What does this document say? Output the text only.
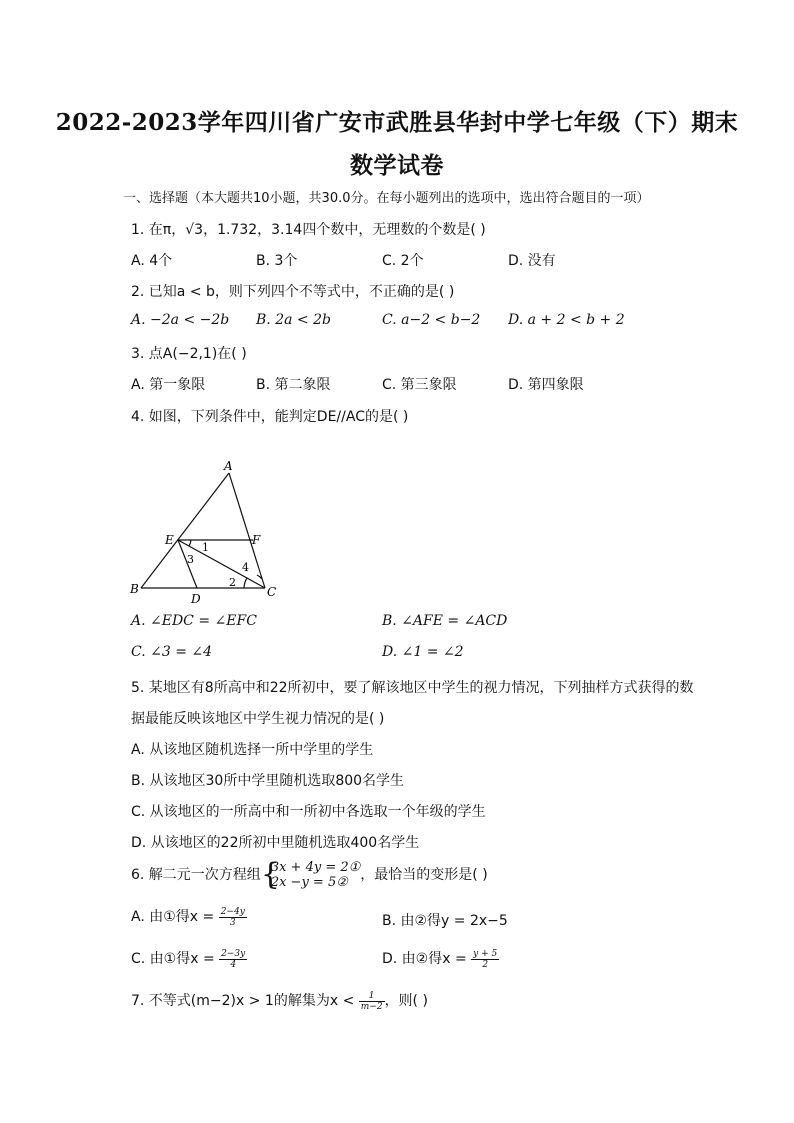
2022-2023学年四川省广安市武胜县华封中学七年级（下）期末
数学试卷
一、选择题（本大题共10小题，共30.0分。在每小题列出的选项中，选出符合题目的一项）
1. 在π，√3，1.732，3.14四个数中，无理数的个数是( )
A. 4个	B. 3个	C. 2个	D. 没有
2. 已知a < b，则下列四个不等式中，不正确的是( )
A. −2a < −2b B. 2a < 2b	C. a−2 < b−2 D. a + 2 < b + 2
3. 点A(−2,1)在( )
A. 第一象限	B. 第二象限	C. 第三象限	D. 第四象限
4. 如图，下列条件中，能判定DE//AC的是( )
A
E	F
B
D	C
1
2
3
4
A. ∠EDC = ∠EFC	B. ∠AFE = ∠ACD
C. ∠3 = ∠4	D. ∠1 = ∠2
5. 某地区有8所高中和22所初中，要了解该地区中学生的视力情况，下列抽样方式获得的数
据最能反映该地区中学生视力情况的是( )
A. 从该地区随机选择一所中学里的学生
B. 从该地区30所中学里随机选取800名学生
C. 从该地区的一所高中和一所初中各选取一个年级的学生
D. 从该地区的22所初中里随机选取400名学生
6. 解二元一次方程组 {
3x + 4y = 2①
2x −y = 5② ，最恰当的变形是( )
A. 由①得$x = \frac{2-4y}{3}$	B. 由②得y = 2x−5
C. 由①得$x = \frac{2-3y}{4}$	D. 由②得$x = \frac{y + 5}{2}$
7. 不等式(m−2)x > 1的解集为$x < \frac{1}{m-2}$ ，则( )
